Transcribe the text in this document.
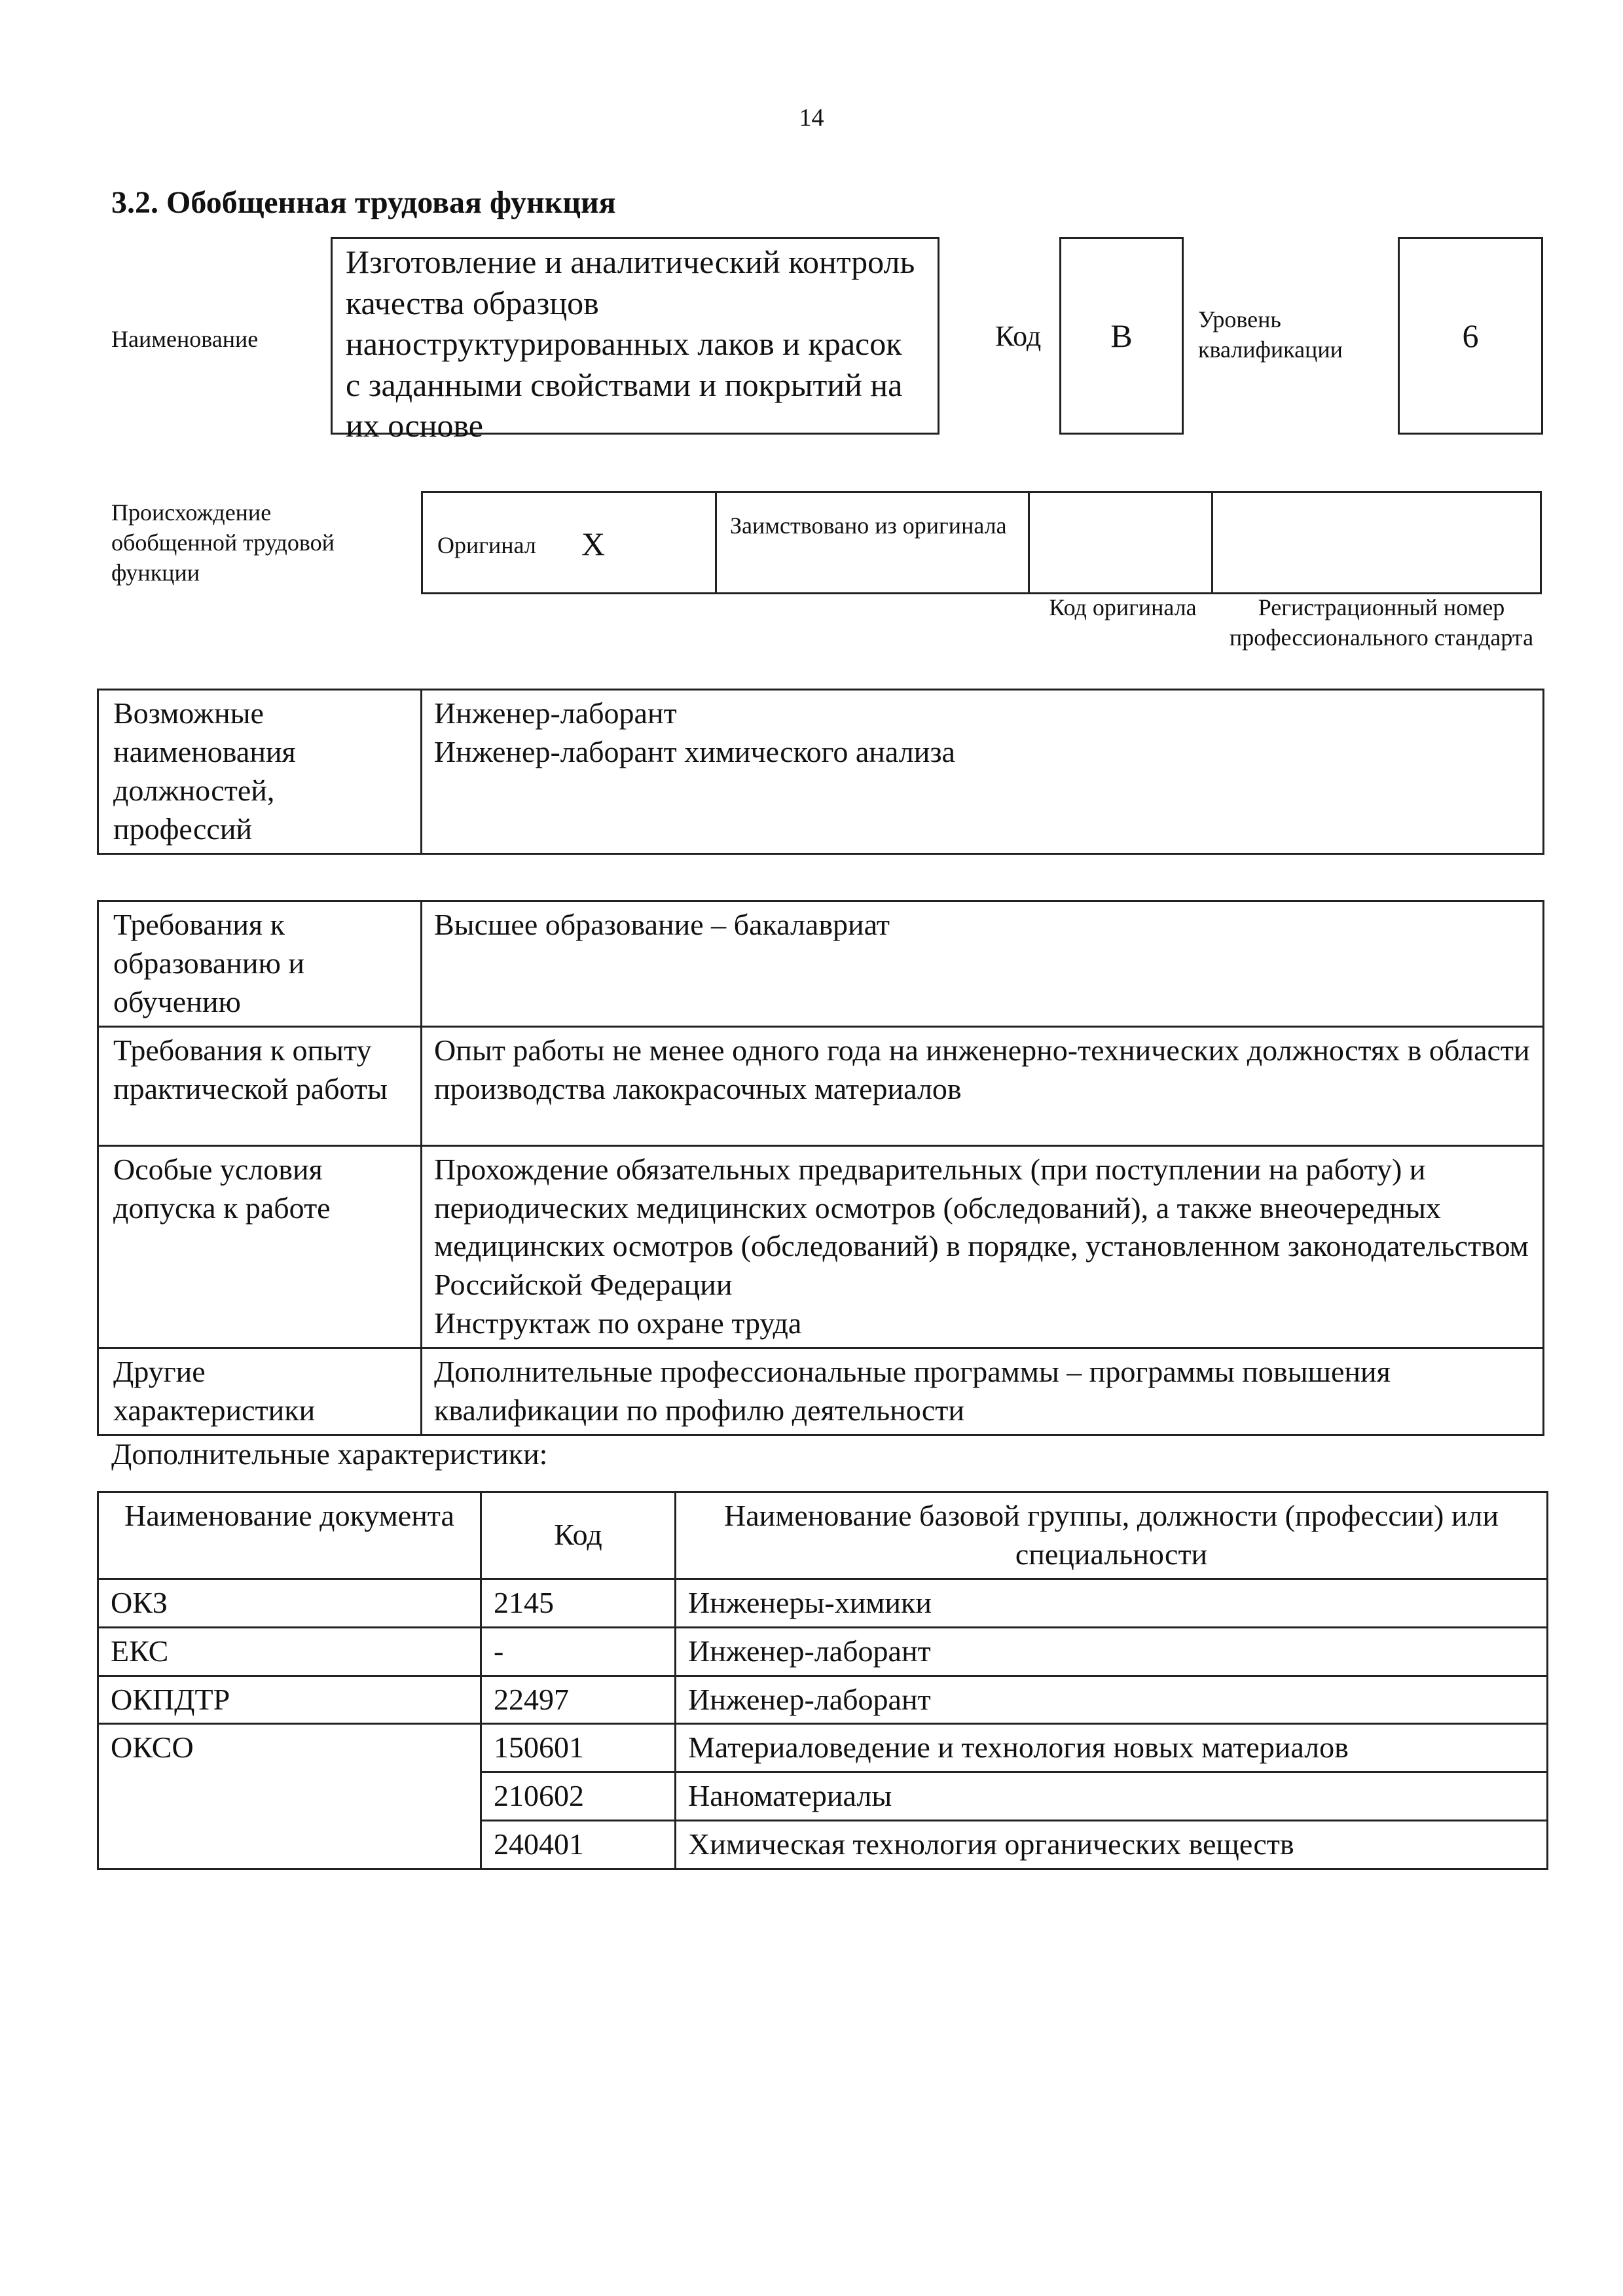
14
3.2. Обобщенная трудовая функция
Наименование
Изготовление и аналитический контроль качества образцов наноструктурированных лаков и красок с заданными свойствами и покрытий на их основе
Код В	Уровень квалификации	6
Происхождение обобщенной трудовой функции
Оригинал Х	Заимствовано из оригинала
Код оригинала	Регистрационный номер профессионального стандарта
Возможные наименования должностей, профессий	Инженер-лаборант
Инженер-лаборант химического анализа
Требования к образованию и обучению	Высшее образование – бакалавриат
Требования к опыту практической работы	Опыт работы не менее одного года на инженерно-технических должностях в области производства лакокрасочных материалов
Особые условия допуска к работе	Прохождение обязательных предварительных (при поступлении на работу) и периодических медицинских осмотров (обследований), а также внеочередных медицинских осмотров (обследований) в порядке, установленном законодательством Российской Федерации
Инструктаж по охране труда
Другие характеристики	Дополнительные профессиональные программы – программы повышения квалификации по профилю деятельности
Дополнительные характеристики:
Наименование документа	Код	Наименование базовой группы, должности (профессии) или специальности
ОКЗ	2145	Инженеры-химики
ЕКС	-	Инженер-лаборант
ОКПДТР	22497	Инженер-лаборант
ОКСО	150601	Материаловедение и технология новых материалов
	210602	Наноматериалы
	240401	Химическая технология органических веществ
